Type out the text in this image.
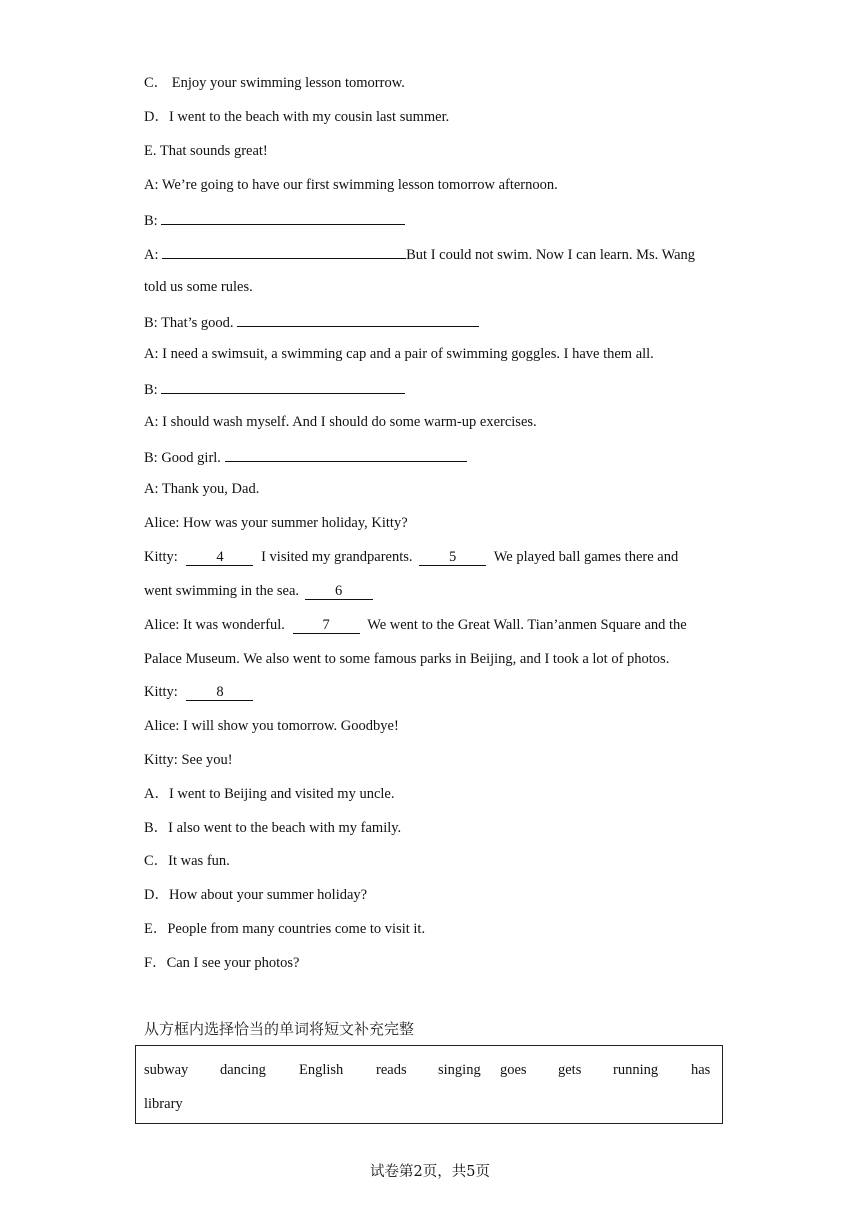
C． Enjoy your swimming lesson tomorrow.
D．I went to the beach with my cousin last summer.
E. That sounds great!
A: We’re going to have our first swimming lesson tomorrow afternoon.
B:
A:	But I could not swim. Now I can learn. Ms. Wang
told us some rules.
B: That’s good.
A: I need a swimsuit, a swimming cap and a pair of swimming goggles. I have them all.
B:
A: I should wash myself. And I should do some warm-up exercises.
B: Good girl.
A: Thank you, Dad.
Alice: How was your summer holiday, Kitty?
Kitty:	4	I visited my grandparents.	5	We played ball games there and
went swimming in the sea. 6
Alice: It was wonderful.	7	We went to the Great Wall. Tian’anmen Square and the
Palace Museum. We also went to some famous parks in Beijing, and I took a lot of photos.
Kitty:	8
Alice: I will show you tomorrow. Goodbye!
Kitty: See you!
A．I went to Beijing and visited my uncle.
B．I also went to the beach with my family.
C．It was fun.
D．How about your summer holiday?
E．People from many countries come to visit it.
F．Can I see your photos?
从方框内选择恰当的单词将短文补充完整
subway dancing English reads singing goes gets running has
library
试卷第2页，共5页
